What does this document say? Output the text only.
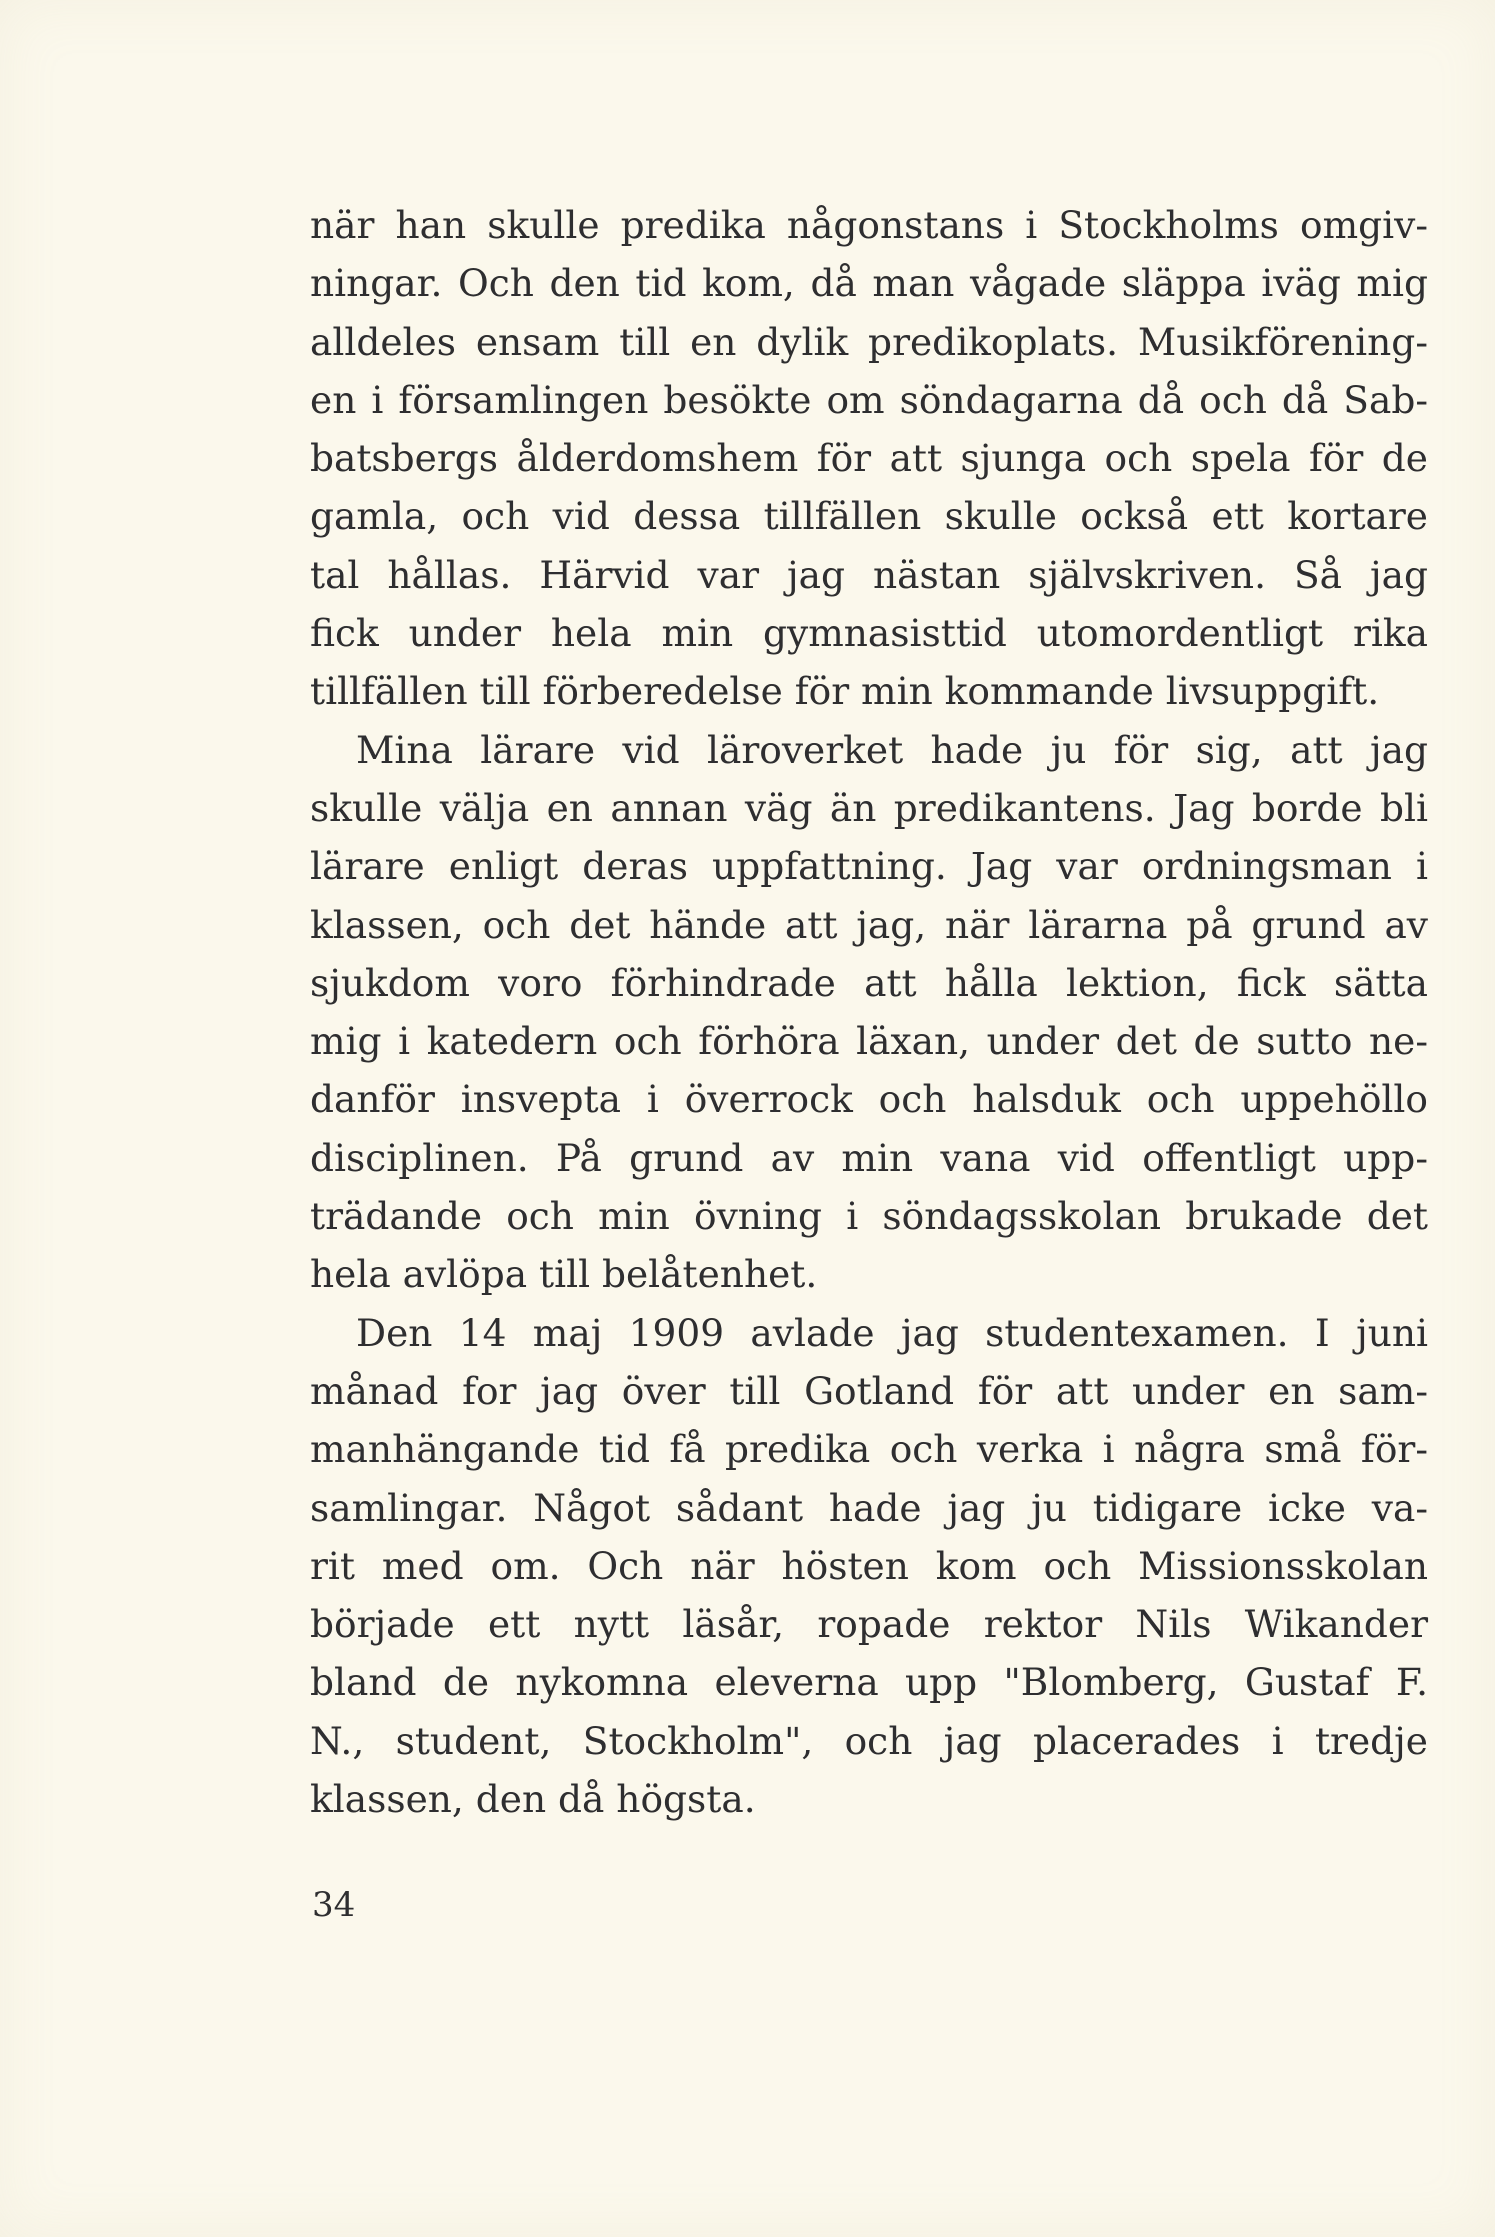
när han skulle predika någonstans i Stockholms omgiv-
ningar. Och den tid kom, då man vågade släppa iväg mig
alldeles ensam till en dylik predikoplats. Musikförening-
en i församlingen besökte om söndagarna då och då Sab-
batsbergs ålderdomshem för att sjunga och spela för de
gamla, och vid dessa tillfällen skulle också ett kortare
tal hållas. Härvid var jag nästan självskriven. Så jag
fick under hela min gymnasisttid utomordentligt rika
tillfällen till förberedelse för min kommande livsuppgift.
Mina lärare vid läroverket hade ju för sig, att jag
skulle välja en annan väg än predikantens. Jag borde bli
lärare enligt deras uppfattning. Jag var ordningsman i
klassen, och det hände att jag, när lärarna på grund av
sjukdom voro förhindrade att hålla lektion, fick sätta
mig i katedern och förhöra läxan, under det de sutto ne-
danför insvepta i överrock och halsduk och uppehöllo
disciplinen. På grund av min vana vid offentligt upp-
trädande och min övning i söndagsskolan brukade det
hela avlöpa till belåtenhet.
Den 14 maj 1909 avlade jag studentexamen. I juni
månad for jag över till Gotland för att under en sam-
manhängande tid få predika och verka i några små för-
samlingar. Något sådant hade jag ju tidigare icke va-
rit med om. Och när hösten kom och Missionsskolan
började ett nytt läsår, ropade rektor Nils Wikander
bland de nykomna eleverna upp "Blomberg, Gustaf F.
N., student, Stockholm", och jag placerades i tredje
klassen, den då högsta.
34
